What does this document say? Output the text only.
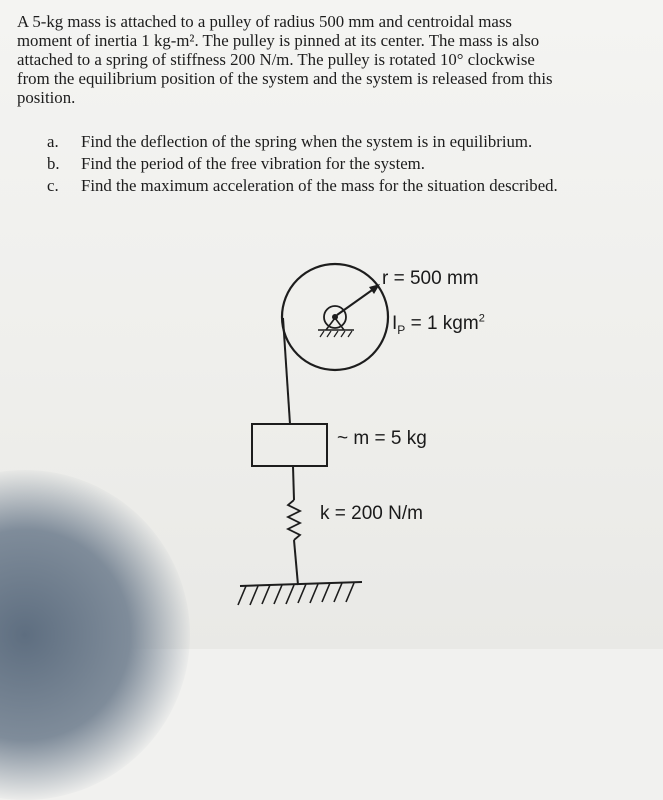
A 5-kg mass is attached to a pulley of radius 500 mm and centroidal mass

moment of inertia 1 kg-m². The pulley is pinned at its center. The mass is also

attached to a spring of stiffness 200 N/m. The pulley is rotated 10° clockwise

from the equilibrium position of the system and the system is released from this

position.

a.	Find the deflection of the spring when the system is in equilibrium.
b.	Find the period of the free vibration for the system.
c.	Find the maximum acceleration of the mass for the situation described.
r = 500 mm
$I_P = 1$ kgm$^2$
~ m = 5 kg
k = 200 N/m
